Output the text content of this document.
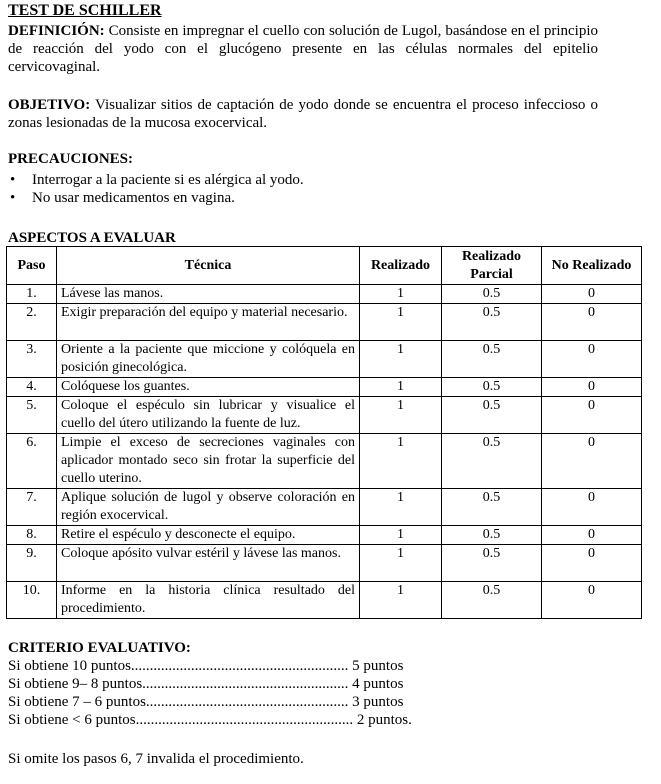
TEST DE SCHILLER
DEFINICIÓN: Consiste en impregnar el cuello con solución de Lugol, basándose en el principio de reacción del yodo con el glucógeno presente en las células normales del epitelio cervicovaginal.
OBJETIVO: Visualizar sitios de captación de yodo donde se encuentra el proceso infeccioso o zonas lesionadas de la mucosa exocervical.
PRECAUCIONES:
• Interrogar a la paciente si es alérgica al yodo.
• No usar medicamentos en vagina.
ASPECTOS A EVALUAR
Paso	Técnica	Realizado	Realizado Parcial	No Realizado
1.	Lávese las manos.	1	0.5	0
2.	Exigir preparación del equipo y material necesario.	1	0.5	0
3.	Oriente a la paciente que miccione y colóquela en posición ginecológica.	1	0.5	0
4.	Colóquese los guantes.	1	0.5	0
5.	Coloque el espéculo sin lubricar y visualice el cuello del útero utilizando la fuente de luz.	1	0.5	0
6.	Limpie el exceso de secreciones vaginales con aplicador montado seco sin frotar la superficie del cuello uterino.	1	0.5	0
7.	Aplique solución de lugol y observe coloración en región exocervical.	1	0.5	0
8.	Retire el espéculo y desconecte el equipo.	1	0.5	0
9.	Coloque apósito vulvar estéril y lávese las manos.	1	0.5	0
10.	Informe en la historia clínica resultado del procedimiento.	1	0.5	0
CRITERIO EVALUATIVO:
Si obtiene 10 puntos.......................................................... 5 puntos
Si obtiene 9– 8 puntos....................................................... 4 puntos
Si obtiene 7 – 6 puntos...................................................... 3 puntos
Si obtiene < 6 puntos.......................................................... 2 puntos.
Si omite los pasos 6, 7 invalida el procedimiento.
